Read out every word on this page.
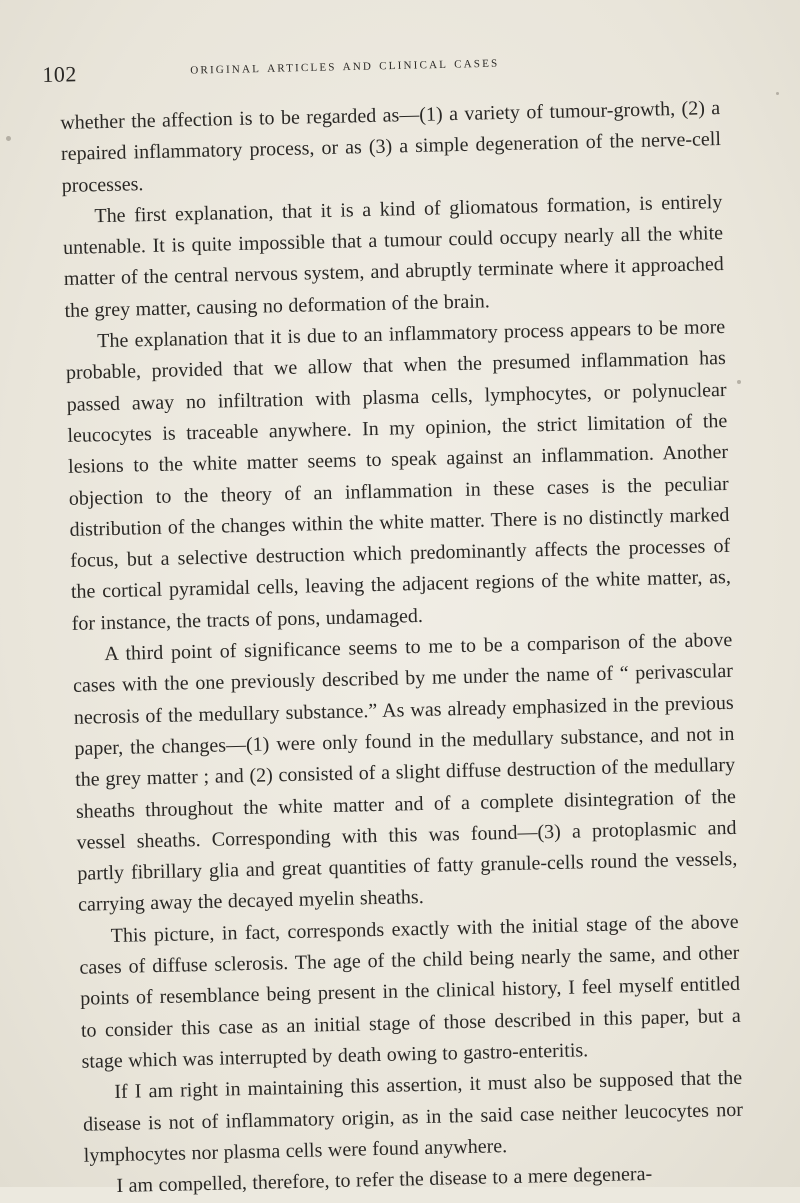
102	original articles and clinical cases

whether the affection is to be regarded as—(1) a variety of tumour-growth, (2) a repaired inflammatory process, or as (3) a simple degeneration of the nerve-cell processes.

The first explanation, that it is a kind of gliomatous formation, is entirely untenable. It is quite impossible that a tumour could occupy nearly all the white matter of the central nervous system, and abruptly terminate where it approached the grey matter, causing no deformation of the brain.

The explanation that it is due to an inflammatory process appears to be more probable, provided that we allow that when the presumed inflammation has passed away no infiltration with plasma cells, lymphocytes, or polynuclear leucocytes is traceable anywhere. In my opinion, the strict limitation of the lesions to the white matter seems to speak against an inflammation. Another objection to the theory of an inflammation in these cases is the peculiar distribution of the changes within the white matter. There is no distinctly marked focus, but a selective destruction which predominantly affects the processes of the cortical pyramidal cells, leaving the adjacent regions of the white matter, as, for instance, the tracts of pons, undamaged.

A third point of significance seems to me to be a comparison of the above cases with the one previously described by me under the name of “ perivascular necrosis of the medullary substance.” As was already emphasized in the previous paper, the changes—(1) were only found in the medullary substance, and not in the grey matter ; and (2) consisted of a slight diffuse destruction of the medullary sheaths throughout the white matter and of a complete disintegration of the vessel sheaths. Corresponding with this was found—(3) a protoplasmic and partly fibrillary glia and great quantities of fatty granule-cells round the vessels, carrying away the decayed myelin sheaths.

This picture, in fact, corresponds exactly with the initial stage of the above cases of diffuse sclerosis. The age of the child being nearly the same, and other points of resemblance being present in the clinical history, I feel myself entitled to consider this case as an initial stage of those described in this paper, but a stage which was interrupted by death owing to gastro-enteritis.

If I am right in maintaining this assertion, it must also be supposed that the disease is not of inflammatory origin, as in the said case neither leucocytes nor lymphocytes nor plasma cells were found anywhere.

I am compelled, therefore, to refer the disease to a mere degenera-
